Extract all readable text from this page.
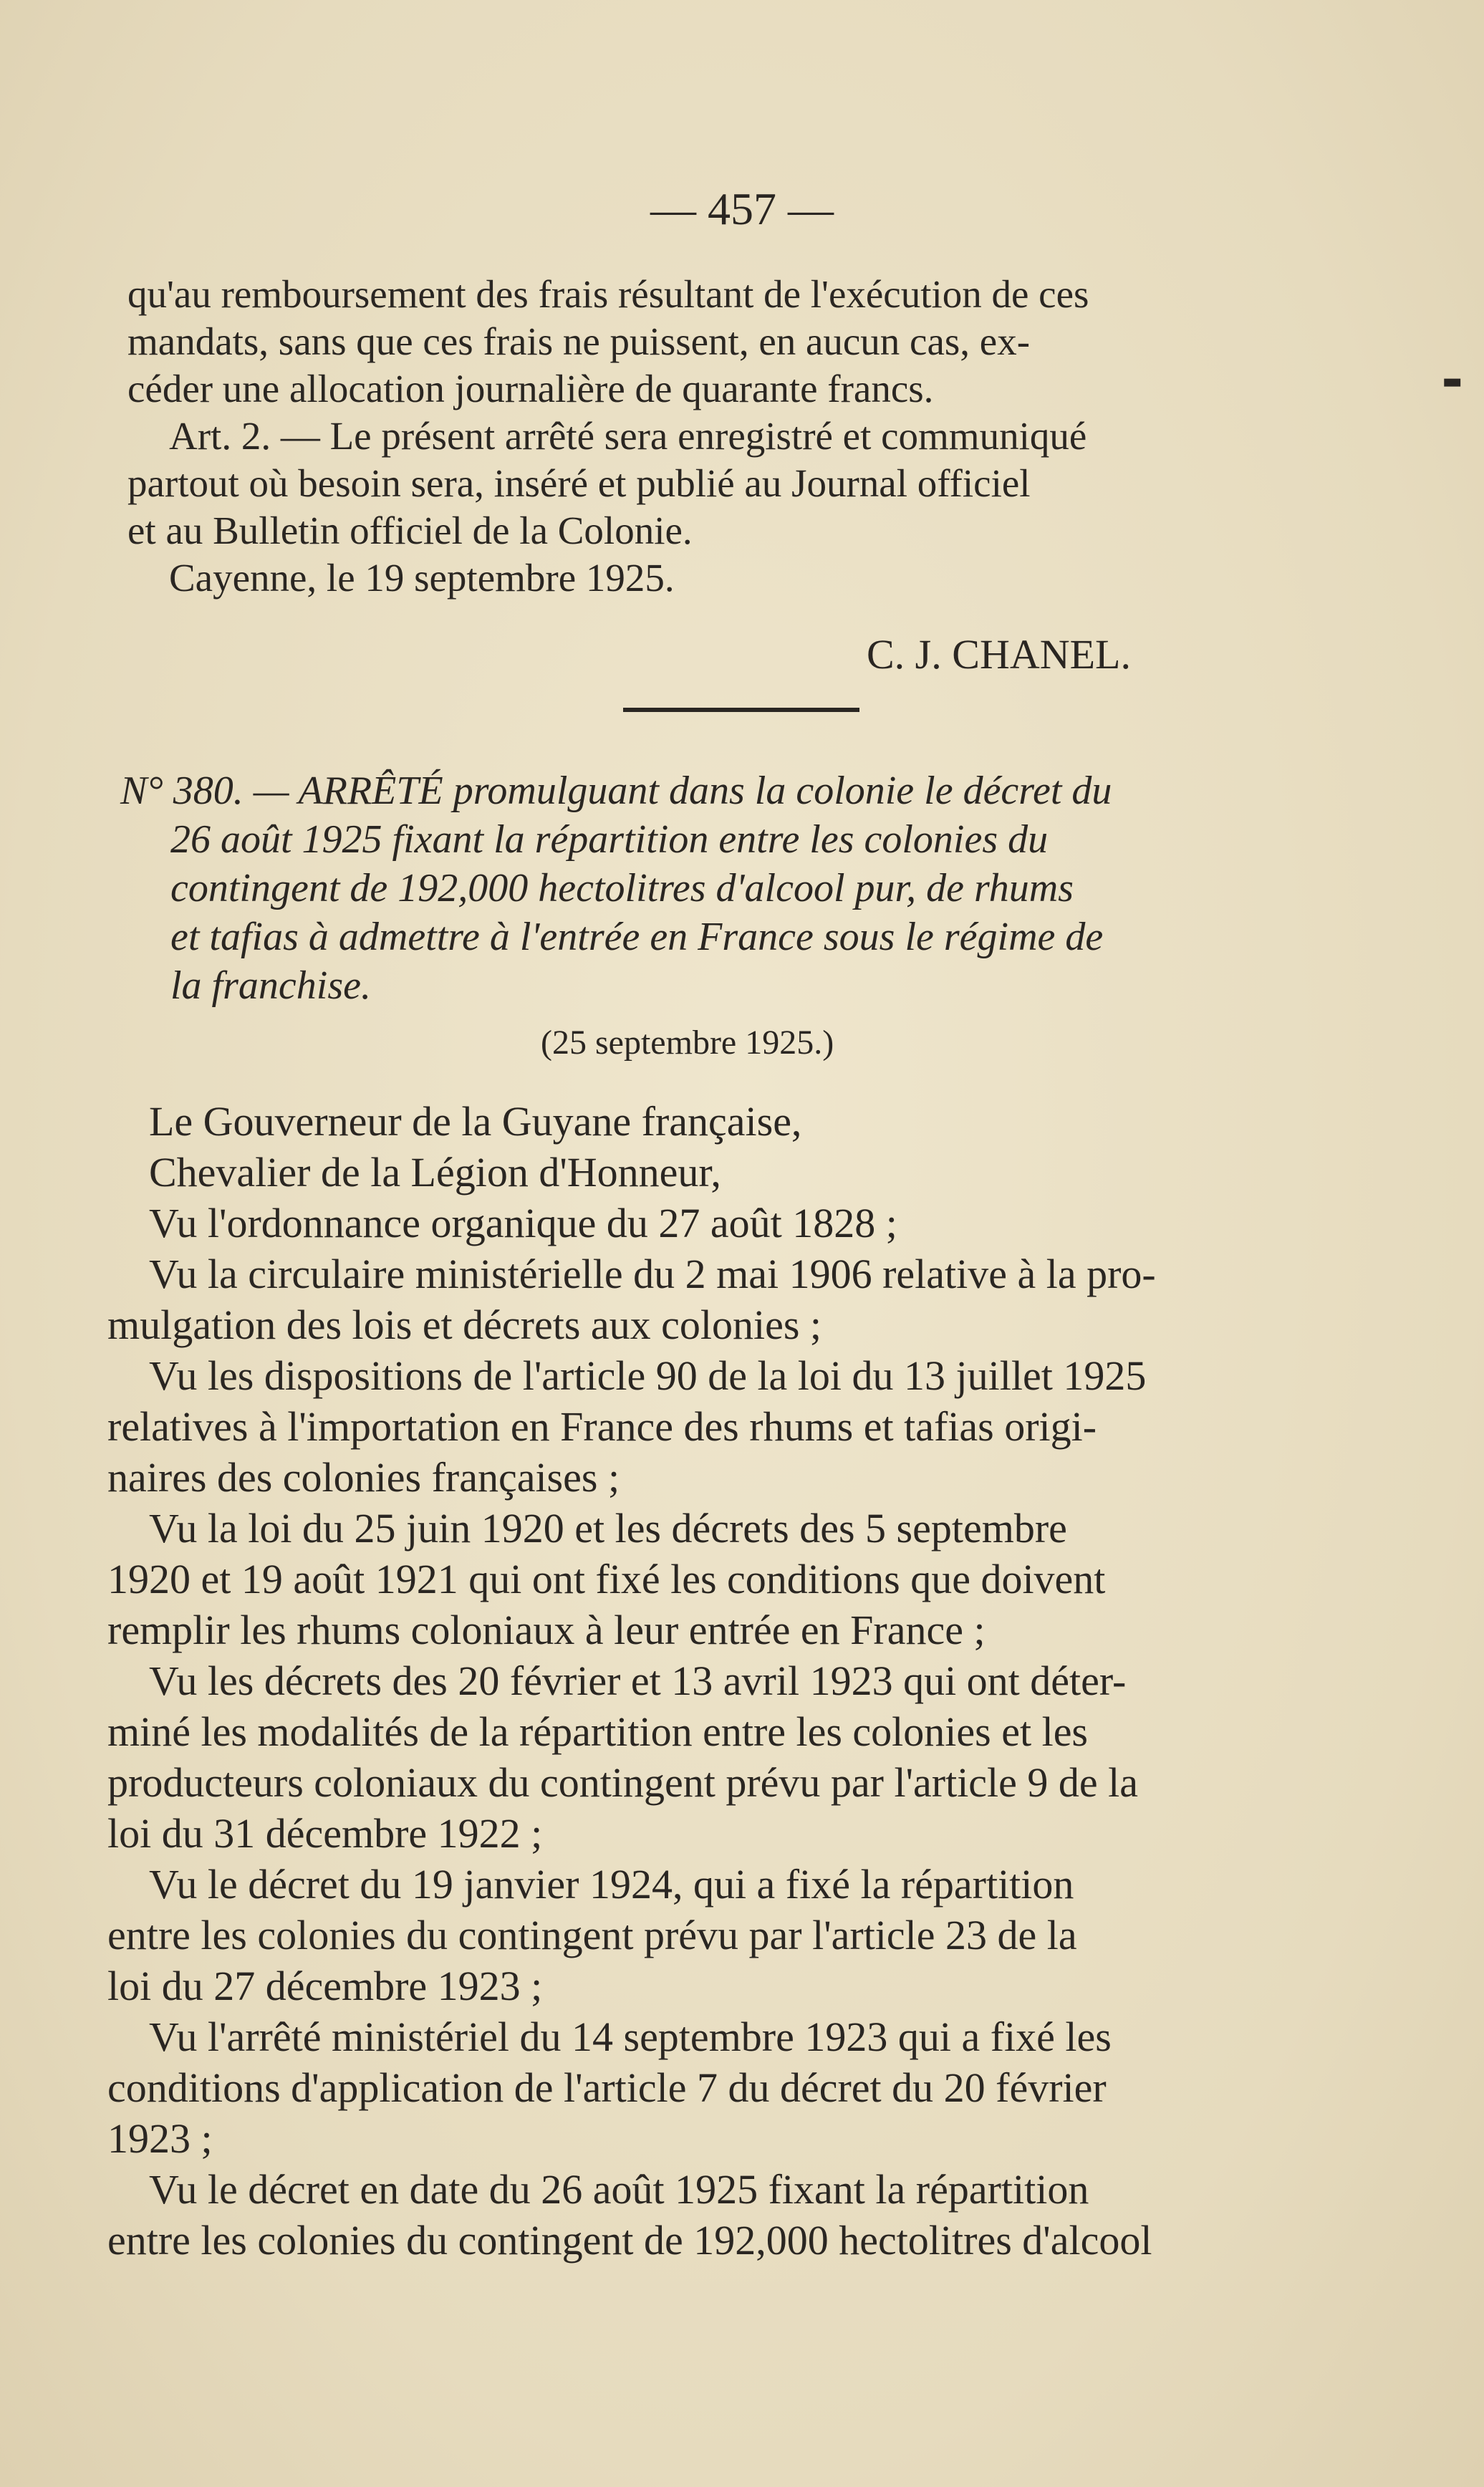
▬
— 457 —
qu'au remboursement des frais résultant de l'exécution de ces
mandats, sans que ces frais ne puissent, en aucun cas, ex-
céder une allocation journalière de quarante francs.
Art. 2. — Le présent arrêté sera enregistré et communiqué
partout où besoin sera, inséré et publié au Journal officiel
et au Bulletin officiel de la Colonie.
Cayenne, le 19 septembre 1925.
C. J. CHANEL.
N° 380. — ARRÊTÉ promulguant dans la colonie le décret du
26 août 1925 fixant la répartition entre les colonies du
contingent de 192,000 hectolitres d'alcool pur, de rhums
et tafias à admettre à l'entrée en France sous le régime de
la franchise.
(25 septembre 1925.)
Le Gouverneur de la Guyane française,
Chevalier de la Légion d'Honneur,
Vu l'ordonnance organique du 27 août 1828 ;
Vu la circulaire ministérielle du 2 mai 1906 relative à la pro-
mulgation des lois et décrets aux colonies ;
Vu les dispositions de l'article 90 de la loi du 13 juillet 1925
relatives à l'importation en France des rhums et tafias origi-
naires des colonies françaises ;
Vu la loi du 25 juin 1920 et les décrets des 5 septembre
1920 et 19 août 1921 qui ont fixé les conditions que doivent
remplir les rhums coloniaux à leur entrée en France ;
Vu les décrets des 20 février et 13 avril 1923 qui ont déter-
miné les modalités de la répartition entre les colonies et les
producteurs coloniaux du contingent prévu par l'article 9 de la
loi du 31 décembre 1922 ;
Vu le décret du 19 janvier 1924, qui a fixé la répartition
entre les colonies du contingent prévu par l'article 23 de la
loi du 27 décembre 1923 ;
Vu l'arrêté ministériel du 14 septembre 1923 qui a fixé les
conditions d'application de l'article 7 du décret du 20 février
1923 ;
Vu le décret en date du 26 août 1925 fixant la répartition
entre les colonies du contingent de 192,000 hectolitres d'alcool
